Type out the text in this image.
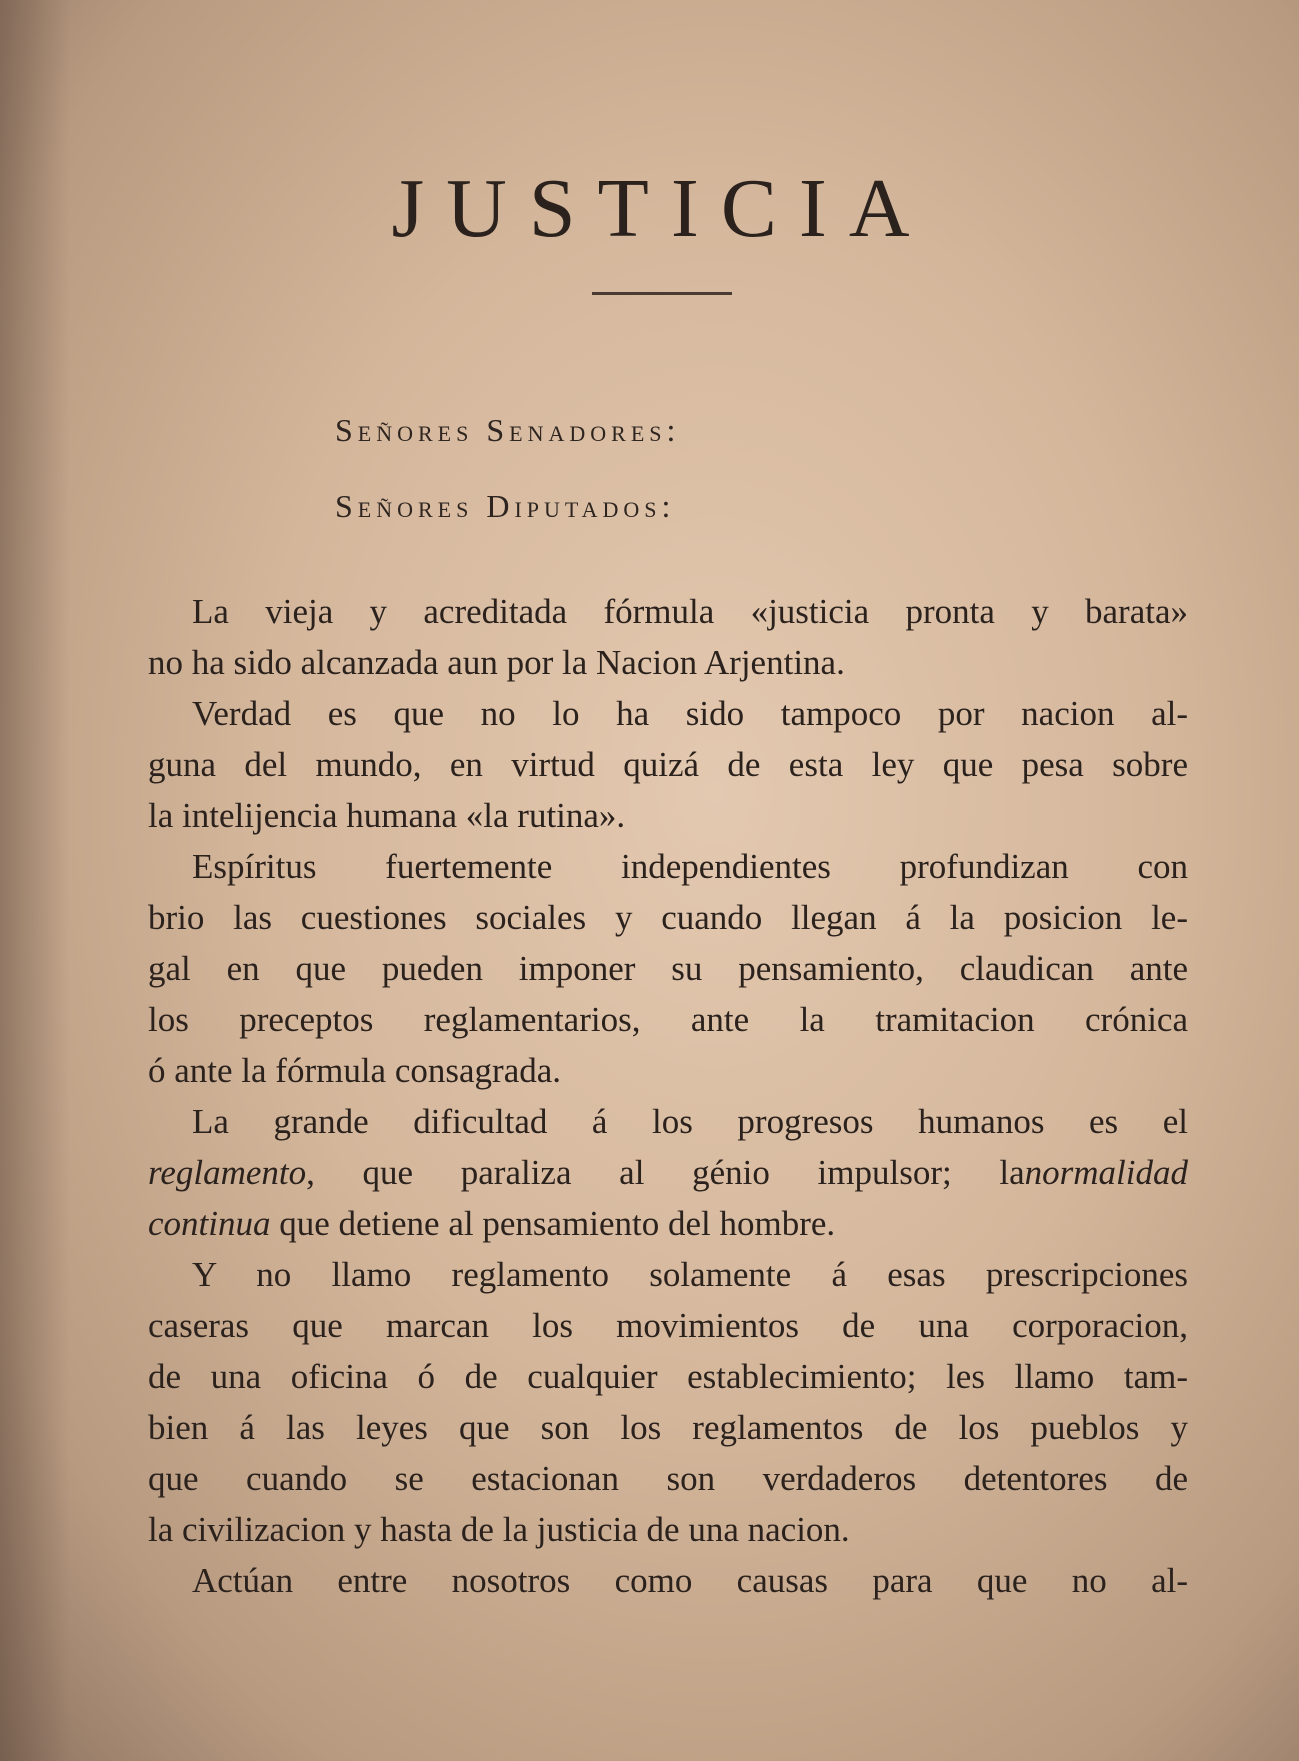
JUSTICIA
Señores Senadores:
Señores Diputados:
La vieja y acreditada fórmula «justicia pronta y barata»
no ha sido alcanzada aun por la Nacion Arjentina.
Verdad es que no lo ha sido tampoco por nacion al-
guna del mundo, en virtud quizá de esta ley que pesa sobre
la intelijencia humana «la rutina».
Espíritus fuertemente independientes profundizan con
brio las cuestiones sociales y cuando llegan á la posicion le-
gal en que pueden imponer su pensamiento, claudican ante
los preceptos reglamentarios, ante la tramitacion crónica
ó ante la fórmula consagrada.
La grande dificultad á los progresos humanos es el
reglamento, que paraliza al génio impulsor; lanormalidad
continua que detiene al pensamiento del hombre.
Y no llamo reglamento solamente á esas prescripciones
caseras que marcan los movimientos de una corporacion,
de una oficina ó de cualquier establecimiento; les llamo tam-
bien á las leyes que son los reglamentos de los pueblos y
que cuando se estacionan son verdaderos detentores de
la civilizacion y hasta de la justicia de una nacion.
Actúan entre nosotros como causas para que no al-
